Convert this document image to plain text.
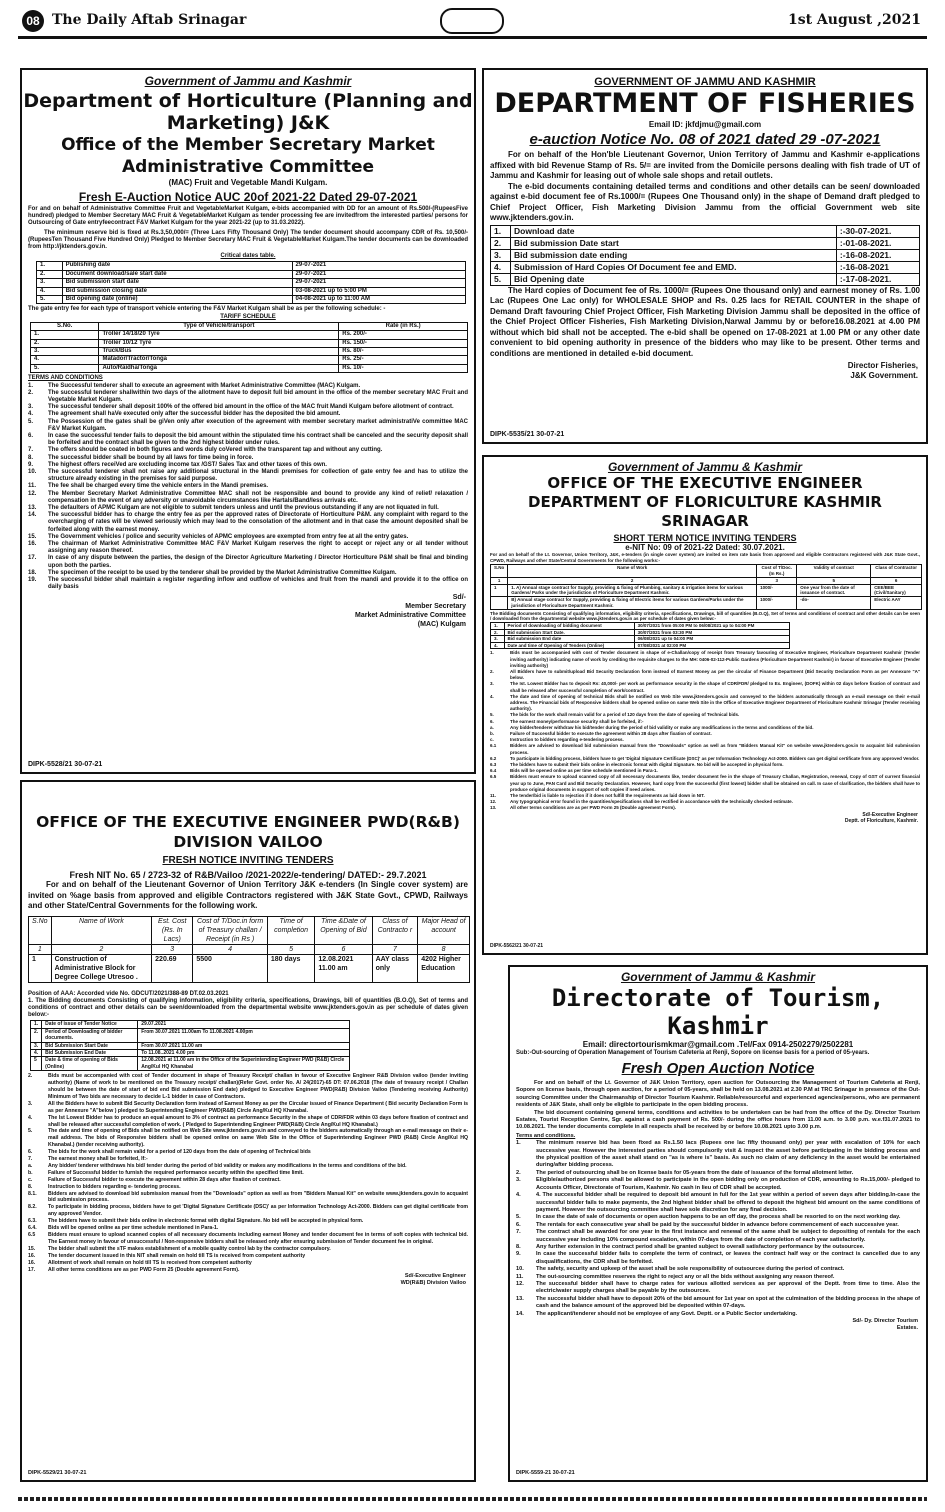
08 The Daily Aftab Srinagar	1st August ,2021
Government of Jammu and Kashmir
Department of Horticulture (Planning and Marketing) J&K
Office of the Member Secretary Market Administrative Committee
(MAC) Fruit and Vegetable Mandi Kulgam.
Fresh E-Auction Notice AUC 20of 2021-22 Dated 29-07-2021
For and on behalf of Administrative Committee Fruit and VegetableMarket Kulgam, e-bids accompanied with DD for an amount of Rs.500/-(RupeesFive hundred) pledged to Member Secretary MAC Fruit & VegetableMarket Kulgam as tender processing fee are invitedfrom the interested parties/ persons for Outsourcing of Gate entryfeecontract F&V Market Kulgam for the year 2021-22 (up to 31.03.2022).
The minimum reserve bid is fixed at Rs.3,50,000/= (Three Lacs Fifty Thousand Only) The tender document should accompany CDR of Rs. 10,500/- (RupeesTen Thousand Five Hundred Only) Pledged to Member Secretary MAC Fruit & VegetableMarket Kulgam.The tender documents can be downloaded from http://jktenders.gov.in.
Critical dates table.
1.	Publishing date	29-07-2021
2.	Document download/sale start date	29-07-2021
3.	Bid submission start date	29-07-2021
4.	Bid submission closing date	03-08-2021 up to 5:00 PM
5.	Bid opening date (online)	04-08-2021 up to 11:00 AM
The gate entry fee for each type of transport vehicle entering the F&V Market Kulgam shall be as per the following schedule: -
TARIFF SCHEDULE
S.No.	Type of Vehicle/transport	Rate (in Rs.)
1.	Troller 14/18/20 Tyre	Rs. 200/-
2.	Troller 10/12 Tyre	Rs. 150/-
3.	Truck/Bus	Rs. 80/-
4.	Matador/Tractor/Tonga	Rs. 25/-
5.	Auto/Raidha/Tonga	Rs. 10/-
TERMS AND CONDITIONS
1.	The Successful tenderer shall to execute an agreement with Market Administrative Committee (MAC) Kulgam.
2.	The successful tenderer shallwithin two days of the allotment have to deposit full bid amount in the office of the member secretary MAC Fruit and Vegetable Market Kulgam.
3.	The successful tenderer shall deposit 100% of the offered bid amount in the office of the MAC fruit Mandi Kulgam before allotment of contract.
4.	The agreement shall haVe executed only after the successful bidder has the deposited the bid amount.
5.	The Possession of the gates shall be giVen only after execution of the agreement with member secretary market administratiVe committee MAC F&V Market Kulgam.
6.	In case the successful tender fails to deposit the bid amount within the stipulated time his contract shall be canceled and the security deposit shall be forfeited and the contract shall be given to the 2nd highest bidder under rules.
7.	The offers should be coated in both figures and words duly coVered with the transparent tap and without any cutting.
8.	The successful bidder shall be bound by all laws for time being in force.
9.	The highest offers receiVed are excluding income tax /GST/ Sales Tax and other taxes of this own.
10.	The successful tenderer shall not raise any additional structural in the Mandi premises for collection of gate entry fee and has to utilize the structure already existing in the premises for said purpose.
11.	The fee shall be charged every time the vehicle enters in the Mandi premises.
12.	The Member Secretary Market Administrative Committee MAC shall not be responsible and bound to provide any kind of relief/ relaxation / compensation in the event of any adversity or unavoidable circumstances like Hartals/Band/less arrivals etc.
13.	The defaulters of APMC Kulgam are not eligible to submit tenders unless and until the previous outstanding if any are not liquated in full.
14.	The successful bidder has to charge the entry fee as per the approved rates of Directorate of Horticulture P&M. any complaint with regard to the overcharging of rates will be viewed seriously which may lead to the consolation of the allotment and in that case the amount deposited shall be forfeited along with the earnest money.
15.	The Government vehicles / police and security vehicles of APMC employees are exempted from entry fee at all the entry gates.
16.	The chairman of Market Administrative Committee MAC F&V Market Kulgam reserves the right to accept or reject any or all tender without assigning any reason thereof.
17.	In case of any dispute between the parties, the design of the Director Agriculture Marketing / Director Horticulture P&M shall be final and binding upon both the parties.
18.	The specimen of the receipt to be used by the tenderer shall be provided by the Market Administrative Committee Kulgam.
19.	The successful bidder shall maintain a register regarding inflow and outflow of vehicles and fruit from the mandi and provide it to the office on daily basis
Sd/-
Member Secretary
Market Administrative Committee
(MAC) Kulgam
DIPK-5528/21 30-07-21
GOVERNMENT OF JAMMU AND KASHMIR
DEPARTMENT OF FISHERIES
Email ID: jkfdjmu@gmail.com
e-auction Notice No. 08 of 2021 dated 29 -07-2021
For on behalf of the Hon'ble Lieutenant Governor, Union Territory of Jammu and Kashmir e-applications affixed with bid Revenue Stamp of Rs. 5/= are invited from the Domicile persons dealing with fish trade of UT of Jammu and Kashmir for leasing out of whole sale shops and retail outlets.
The e-bid documents containing detailed terms and conditions and other details can be seen/ downloaded against e-bid document fee of Rs.1000/= (Rupees One Thousand only) in the shape of Demand draft pledged to Chief Project Officer, Fish Marketing Division Jammu from the official Government web site www.jktenders.gov.in.
1.	Download date	:-30-07-2021.
2.	Bid submission Date start	:-01-08-2021.
3.	Bid submission date ending	:-16-08-2021.
4.	Submission of Hard Copies Of Document fee and EMD.	:-16-08-2021
5.	Bid Opening date	:-17-08-2021.
The Hard copies of Document fee of Rs. 1000/= (Rupees One thousand only) and earnest money of Rs. 1.00 Lac (Rupees One Lac only) for WHOLESALE SHOP and Rs. 0.25 lacs for RETAIL COUNTER in the shape of Demand Draft favouring Chief Project Officer, Fish Marketing Division Jammu shall be deposited in the office of the Chief Project Officer Fisheries, Fish Marketing Division,Narwal Jammu by or before16.08.2021 at 4.00 PM without which bid shall not be accepted. The e-bid shall be opened on 17-08-2021 at 1.00 PM or any other date convenient to bid opening authority in presence of the bidders who may like to be present. Other terms and conditions are mentioned in detailed e-bid document.
Director Fisheries,
J&K Government.
DIPK-5535/21 30-07-21
Government of Jammu & Kashmir
OFFICE OF THE EXECUTIVE ENGINEER
DEPARTMENT OF FLORICULTURE KASHMIR SRINAGAR
SHORT TERM NOTICE INVITING TENDERS
e-NIT No: 09 of 2021-22 Dated: 30.07.2021.
For and on behalf of the Lt. Governor, Union Territory, J&K, e-tenders (in single cover system) are invited on item rate basis from approved and eligible Contractors registered with J&K State Govt., CPWD, Railways and other State/Central Governments for the following works:-
S.No	Name of Work	Cost of T/Doc. (In Rs.)	Validity of contract	Class of Contractor
1	2	3	5	6
1	1. A) Annual stage contract for Supply, providing & fixing of Plumbing, sanitary & irrigation items for various Gardens/ Parks under the jurisdiction of Floriculture Department Kashmir.	1000/-	One year from the date of issuance of contract.	CEE/BEE (Civil/Sanitary)
	B) Annual stage contract for Supply, providing & fixing of Electric items for various Gardens/Parks under the jurisdiction of Floriculture Department Kashmir.	1000/-	-do-	Electric AAY
The Bidding documents Consisting of qualifying information, eligibility criteria, specifications, Drawings, bill of quantities (B.O.Q), Set of terms and conditions of contract and other details can be seen / downloaded from the departmental website www.jktenders.gov.in as per schedule of dates given below:-
1.	Period of downloading of bidding document	30/07/2021 from 05:00 PM to 06/08/2021 up to 04:00 PM
2.	Bid submission Start Date.	30/07/2021 from 03:30 PM
3.	Bid submission End date	06/08/2021 up to 04:00 PM
4.	Date and time of Opening of Tenders (Online)	07/08/2021 at 02:00 PM
1.	Bids must be accompanied with cost of Tender document in shape of e-Challan/copy of receipt from Treasury favouring of Executive Engineer, Floriculture Department Kashmir (Tender inviting authority) indicating name of work by crediting the requisite charges to the MH: 0406-02-112-Public Gardens (Floriculture Department Kashmir) in favour of Executive Engineer (Tender inviting authority)
2.	All Bidders have to submit/upload Bid Security Declaration form instead of Earnest Money as per the circular of Finance Department (Bid Security Declaration Form as per Annexure "A" below.
3.	The Ist. Lowest Bidder has to deposit Rs: 40,000/- per work as performance security in the shape of CDR/FDR/ pledged to Ex. Engineer, (DOFK) within 02 days before fixation of contract and shall be released after successful completion of work/contract.
4.	The date and time of opening of technical Bids shall be notified on Web Site www.jktenders.gov.in and conveyed to the bidders automatically through an e-mail message on their e-mail address. The Financial bids of Responsive bidders shall be opened online on same Web Site in the Office of Executive Engineer Department of Floriculture Kashmir Srinagar (Tender receiving authority).
5.	The bids for the work shall remain valid for a period of 120 days from the date of opening of Technical bids.
6.	The earnest money/performance security shall be forfeited, if:-
a.	Any bidder/tenderer withdraw his bid/tender during the period of bid validity or make any modifications in the terms and conditions of the bid.
b.	Failure of Successful bidder to execute the agreement within 28 days after fixation of contract.
c.	Instruction to bidders regarding e-tendering process.
6.1	Bidders are advised to download bid submission manual from the "Downloads" option as well as from "Bidders Manual Kit" on website www.jktenders.gov.in to acquaint bid submission process.
6.2	To participate in bidding process, bidders have to get 'Digital Signature Certificate (DSC)' as per Information Technology Act-2000. Bidders can get digital certificate from any approved Vendor.
6.3	The bidders have to submit their bids online in electronic format with digital Signature. No bid will be accepted in physical form.
6.4	Bids will be opened online as per time schedule mentioned in Para-1.
6.5	Bidders must ensure to upload scanned copy of all necessary documents like, tender document fee in the shape of Treasury Challan, Registration, renewal, Copy of GST of current financial year up to June, PAN Card and Bid Security Declaration. However, hard copy from the successful (first lowest) bidder shall be obtained on call. In case of clarification, the bidders shall have to produce original documents in support of soft copies if need arises.
11.	The tender/bid is liable to rejection if it does not fulfill the requirements as laid down in NIT.
12.	Any typographical error found in the quantities/specifications shall be rectified in accordance with the technically checked estimate.
13.	All other terms conditions are as per PWD Form 25 (Double agreement Form).
Sd/-Executive Engineer
Deptt. of Floriculture, Kashmir.
DIPK-5562/21 30-07-21
OFFICE OF THE EXECUTIVE ENGINEER PWD(R&B) DIVISION VAILOO
FRESH NOTICE INVITING TENDERS
Fresh NIT No. 65 / 2723-32 of R&B/Vailoo /2021-2022/e-tendering/ DATED:- 29.7.2021
For and on behalf of the Lieutenant Governor of Union Territory J&K e-tenders (In Single cover system) are invited on %age basis from approved and eligible Contractors registered with J&K State Govt., CPWD, Railways and other State/Central Governments for the following work.
S.No	Name of Work	Est. Cost (Rs. In Lacs)	Cost of T/Doc.in form of Treasury challan / Receipt (in Rs )	Time of completion	Time &Date of Opening of Bid	Class of Contracto r	Major Head of account
1	2	3	4	5	6	7	8
1	Construction of Administrative Block for Degree College Utresoo .	220.69	5500	180 days	12.08.2021 11.00 am	AAY class only	4202 Higher Education
Position of AAA: Accorded vide No. GDCUT/2021/388-89 DT.02.03.2021
1. The Bidding documents Consisting of qualifying information, eligibility criteria, specifications, Drawings, bill of quantities (B.O.Q), Set of terms and conditions of contract and other details can be seen/downloaded from the departmental website www.jktenders.gov.in as per schedule of dates given below:-
1.	Date of issue of Tender Notice	29.07.2021
2.	Period of Downloading of bidder documents.	From 30.07.2021 11.00am To 11.08.2021 4.00pm
3.	Bid Submission Start Date	From 30.07.2021 11.00 am
4.	Bid Submission End Date	To 11.08..2021 4.00 pm
5	Date & time of opening of Bids (Online)	12.08.2021 at 11.00 am in the Office of the Superintending Engineer PWD (R&B) Circle Ang/Kul HQ Khanabal
2.	Bids must be accompanied with cost of Tender document in shape of Treasury Receipt/ challan in favour of Executive Engineer R&B Division vailoo (tender inviting authority) (Name of work to be mentioned on the Treasury receipt/ challan)(Refer Govt. order No. A/ 24(2017)-65 DT: 07.06.2018 (The date of treasury receipt / Challan should be between the date of start of bid end Bid submission End date) pledged to Executive Engineer PWD(R&B) Division Vailoo (Tendering receiving Authority) Minimum of Two bids are necessary to decide L-1 bidder in case of Contractors.
3.	All the Bidders have to submit Bid Security Declaration form instead of Earnest Money as per the Circular issued of Finance Department ( Bid security Declaration Form is as per Annexure "A"below ) pledged to Superintending Engineer PWD(R&B) Circle Ang/Kul HQ Khanabal.
4.	The Ist Lowest Bidder has to produce an equal amount to 3% of contract as performance Security in the shape of CDR/FDR within 03 days before fixation of contract and shall be released after successful completion of work. ( Pledged to Superintending Engineer PWD(R&B) Circle Ang/Kul HQ Khanabal.)
5.	The date and time of opening of Bids shall be notified on Web Site www.jktenders.gov.in and conveyed to the bidders automatically through an e-mail message on their e-mail address. The bids of Responsive bidders shall be opened online on same Web Site in the Office of Superintending Engineer PWD (R&B) Circle Ang/Kul HQ Khanabal.) (tender receiving authority).
6.	The bids for the work shall remain valid for a period of 120 days from the date of opening of Technical bids
7.	The earnest money shall be forfeited, If:-
a.	Any bidder/ tenderer withdraws his bid/ tender during the period of bid validity or makes any modifications in the terms and conditions of the bid.
b.	Failure of Successful bidder to furnish the required performance security within the specified time limit.
c.	Failure of Successful bidder to execute the agreement within 28 days after fixation of contract.
8.	Instruction to bidders regarding e- tendering process.
8.1.	Bidders are advised to download bid submission manual from the "Downloads" option as well as from "Bidders Manual Kit" on website www.jktenders.gov.in to acquaint bid submission process.
8.2.	To participate in bidding process, bidders have to get 'Digital Signature Certificate (DSC)' as per Information Technology Act-2000. Bidders can get digital certificate from any approved Vendor.
6.3.	The bidders have to submit their bids online in electronic format with digital Signature. No bid will be accepted in physical form.
6.4.	Bids will be opened online as per time schedule mentioned in Para-1.
6.5	Bidders must ensure to upload scanned copies of all necessary documents including earnest Money and tender document fee in terms of soft copies with technical bid. The Earnest money in favour of unsuccessful / Non-responsive bidders shall be released only after ensuring submission of Tender document fee in original.
15.	The bidder shall submit the sTF makes establishment of a mobile quality control lab by the contractor compulsory.
16.	The tender document issued in this NIT shall remain on hold till TS is received from competent authority
16.	Allotment of work shall remain on hold till TS is received from competent authority
17.	All other terms conditions are as per PWD Form 25 (Double agreement Form).
Sd/-Executive Engineer
WD(R&B) Division Vailoo
DIPK-5529/21 30-07-21
Government of Jammu & Kashmir
Directorate of Tourism, Kashmir
Email: directortourismkmar@gmail.com .Tel/Fax 0914-2502279/2502281
Sub:-Out-sourcing of Operation Management of Tourism Cafeteria at Renji, Sopore on license basis for a period of 05-years.
Fresh Open Auction Notice
For and on behalf of the Lt. Governor of J&K Union Territory, open auction for Outsourcing the Management of Tourism Cafeteria at Renji, Sopore on license basis, through open auction, for a period of 05-years, shall be held on 13.08.2021 at 2.30 P.M at TRC Srinagar in presence of the Out-sourcing Committee under the Chairmanship of Director Tourism Kashmir. Reliable/resourceful and experienced agencies/persons, who are permanent residents of J&K State, shall only be eligible to participate in the open bidding process.
The bid document containing general terms, conditions and activities to be undertaken can be had from the office of the Dy. Director Tourism Estates, Tourist Reception Centre, Sgr. against a cash payment of Rs. 500/- during the office hours from 11.00 a.m. to 3.00 p.m. w.e.f31.07.2021 to 10.08.2021. The tender documents complete in all respects shall be received by or before 10.08.2021 upto 3.00 p.m.
Terms and conditions.
1.	The minimum reserve bid has been fixed as Rs.1.50 lacs (Rupees one lac fifty thousand only) per year with escalation of 10% for each successive year. However the interested parties should compulsorily visit & inspect the asset before participating in the bidding process and the physical position of the asset shall stand on "as is where is" basis. As such no claim of any deficiency in the asset would be entertained during/after bidding process.
2.	The period of outsourcing shall be on license basis for 05-years from the date of issuance of the formal allotment letter.
3.	Eligible/authorized persons shall be allowed to participate in the open bidding only on production of CDR, amounting to Rs.15,000/- pledged to Accounts Officer, Directorate of Tourism, Kashmir. No cash in lieu of CDR shall be accepted.
4.	4. The successful bidder shall be required to deposit bid amount in full for the 1st year within a period of seven days after bidding.In-case the successful bidder fails to make payments, the 2nd highest bidder shall be offered to deposit the highest bid amount on the same conditions of payment. However the outsourcing committee shall have sole discretion for any final decision.
5.	In case the date of sale of documents or open auction happens to be an off day, the process shall be resorted to on the next working day.
6.	The rentals for each consecutive year shall be paid by the successful bidder in advance before commencement of each successive year.
7.	The contract shall be awarded for one year in the first instance and renewal of the same shall be subject to depositing of rentals for the each successive year including 10% compound escalation, within 07-days from the date of completion of each year satisfactorily.
8.	Any further extension in the contract period shall be granted subject to overall satisfactory performance by the outsourcee.
9.	In case the successful bidder fails to complete the term of contract, or leaves the contract half way or the contract is cancelled due to any disqualifications, the CDR shall be forfeited.
10.	The safety, security and upkeep of the asset shall be sole responsibility of outsourcee during the period of contract.
11.	The out-sourcing committee reserves the right to reject any or all the bids without assigning any reason thereof.
12.	The successful bidder shall have to charge rates for various allotted services as per approval of the Deptt. from time to time. Also the electric/water supply charges shall be payable by the outsourcee.
13.	The successful bidder shall have to deposit 20% of the bid amount for 1st year on spot at the culmination of the bidding process in the shape of cash and the balance amount of the approved bid be deposited within 07-days.
14.	The applicant/tenderer should not be employee of any Govt. Deptt. or a Public Sector undertaking.
Sd/- Dy. Director Tourism
Estates.
DIPK-5559-21 30-07-21
